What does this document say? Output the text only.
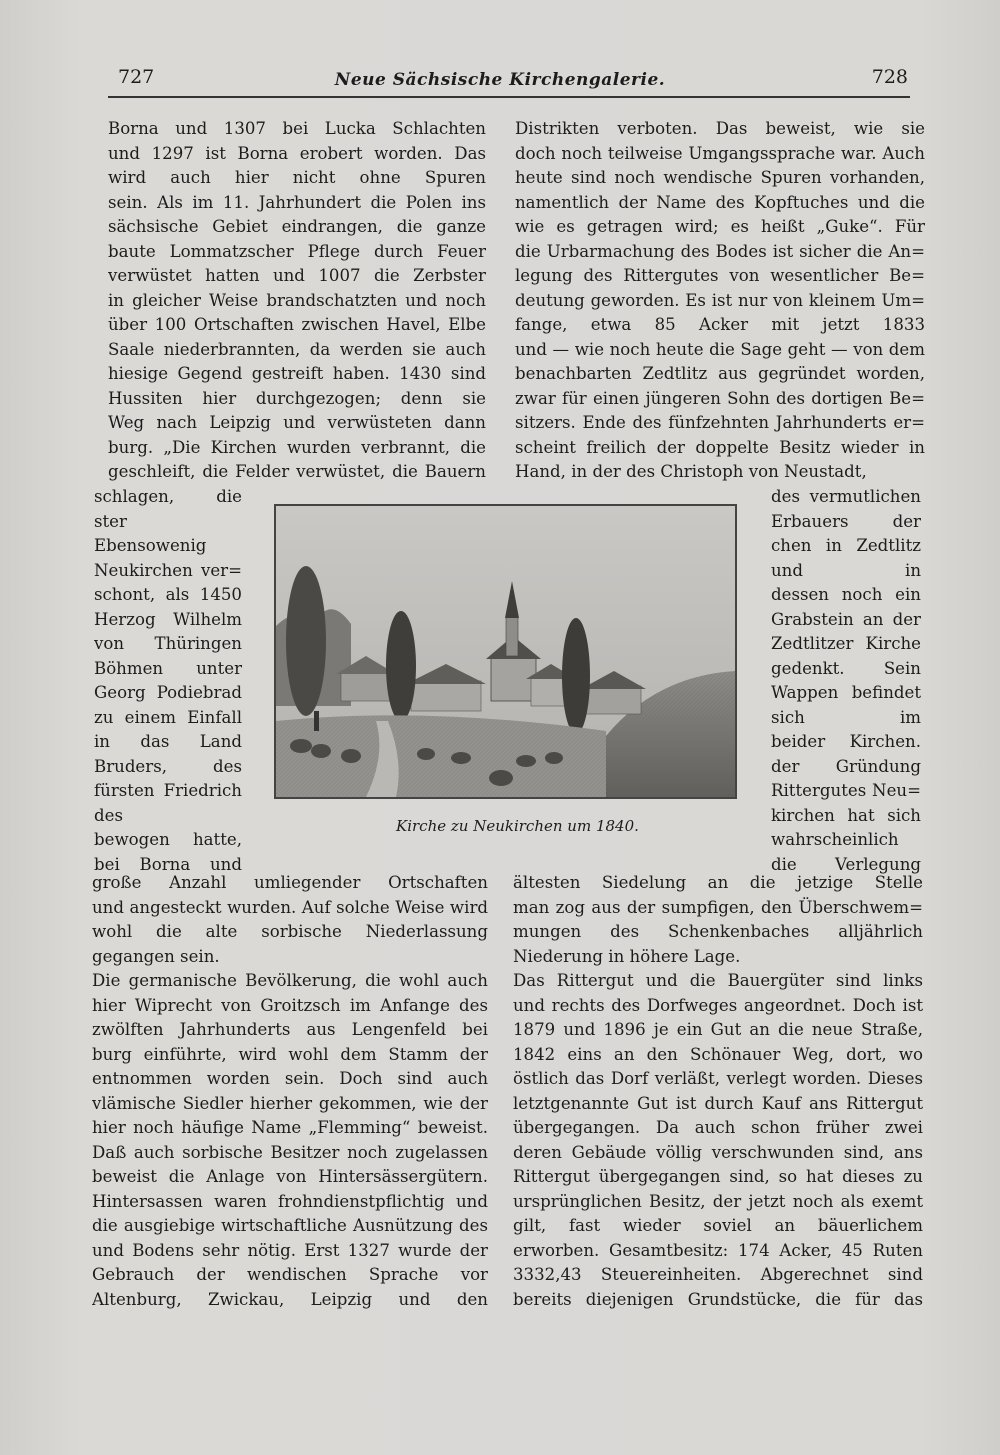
727	Neue Sächsische Kirchengalerie.	728
Borna und 1307 bei Lucka Schlachten
und 1297 ist Borna erobert worden. Das
wird auch hier nicht ohne Spuren
sein. Als im 11. Jahrhundert die Polen ins
sächsische Gebiet eindrangen, die ganze
baute Lommatzscher Pflege durch Feuer
verwüstet hatten und 1007 die Zerbster
in gleicher Weise brandschatzten und noch
über 100 Ortschaften zwischen Havel, Elbe
Saale niederbrannten, da werden sie auch
hiesige Gegend gestreift haben. 1430 sind
Hussiten hier durchgezogen; denn sie
Weg nach Leipzig und verwüsteten dann
burg. „Die Kirchen wurden verbrannt, die
geschleift, die Felder verwüstet, die Bauern
schlagen, die
ster
Ebensowenig
Neukirchen ver=
schont, als 1450
Herzog Wilhelm
von Thüringen
Böhmen unter
Georg Podiebrad
zu einem Einfall
in das Land
Bruders, des
fürsten Friedrich
des
bewogen hatte,
bei Borna und
große Anzahl umliegender Ortschaften
und angesteckt wurden. Auf solche Weise wird
wohl die alte sorbische Niederlassung
gegangen sein.
Die germanische Bevölkerung, die wohl auch
hier Wiprecht von Groitzsch im Anfange des
zwölften Jahrhunderts aus Lengenfeld bei
burg einführte, wird wohl dem Stamm der
entnommen worden sein. Doch sind auch
vlämische Siedler hierher gekommen, wie der
hier noch häufige Name „Flemming“ beweist.
Daß auch sorbische Besitzer noch zugelassen
beweist die Anlage von Hintersässergütern.
Hintersassen waren frohndienstpflichtig und
die ausgiebige wirtschaftliche Ausnützung des
und Bodens sehr nötig. Erst 1327 wurde der
Gebrauch der wendischen Sprache vor
Altenburg, Zwickau, Leipzig und den
Distrikten verboten. Das beweist, wie sie
doch noch teilweise Umgangssprache war. Auch
heute sind noch wendische Spuren vorhanden,
namentlich der Name des Kopftuches und die
wie es getragen wird; es heißt „Guke“. Für
die Urbarmachung des Bodes ist sicher die An=
legung des Rittergutes von wesentlicher Be=
deutung geworden. Es ist nur von kleinem Um=
fange, etwa 85 Acker mit jetzt 1833
und — wie noch heute die Sage geht — von dem
benachbarten Zedtlitz aus gegründet worden,
zwar für einen jüngeren Sohn des dortigen Be=
sitzers. Ende des fünfzehnten Jahrhunderts er=
scheint freilich der doppelte Besitz wieder in
Hand, in der des Christoph von Neustadt,
des vermutlichen
Erbauers der
chen in Zedtlitz
und in
dessen noch ein
Grabstein an der
Zedtlitzer Kirche
gedenkt. Sein
Wappen befindet
sich im
beider Kirchen.
der Gründung
Rittergutes Neu=
kirchen hat sich
wahrscheinlich
die Verlegung
ältesten Siedelung an die jetzige Stelle
man zog aus der sumpfigen, den Überschwem=
mungen des Schenkenbaches alljährlich
Niederung in höhere Lage.
Das Rittergut und die Bauergüter sind links
und rechts des Dorfweges angeordnet. Doch ist
1879 und 1896 je ein Gut an die neue Straße,
1842 eins an den Schönauer Weg, dort, wo
östlich das Dorf verläßt, verlegt worden. Dieses
letztgenannte Gut ist durch Kauf ans Rittergut
übergegangen. Da auch schon früher zwei
deren Gebäude völlig verschwunden sind, ans
Rittergut übergegangen sind, so hat dieses zu
ursprünglichen Besitz, der jetzt noch als exemt
gilt, fast wieder soviel an bäuerlichem
erworben. Gesamtbesitz: 174 Acker, 45 Ruten
3332,43 Steuereinheiten. Abgerechnet sind
bereits diejenigen Grundstücke, die für das
Kirche zu Neukirchen um 1840.
